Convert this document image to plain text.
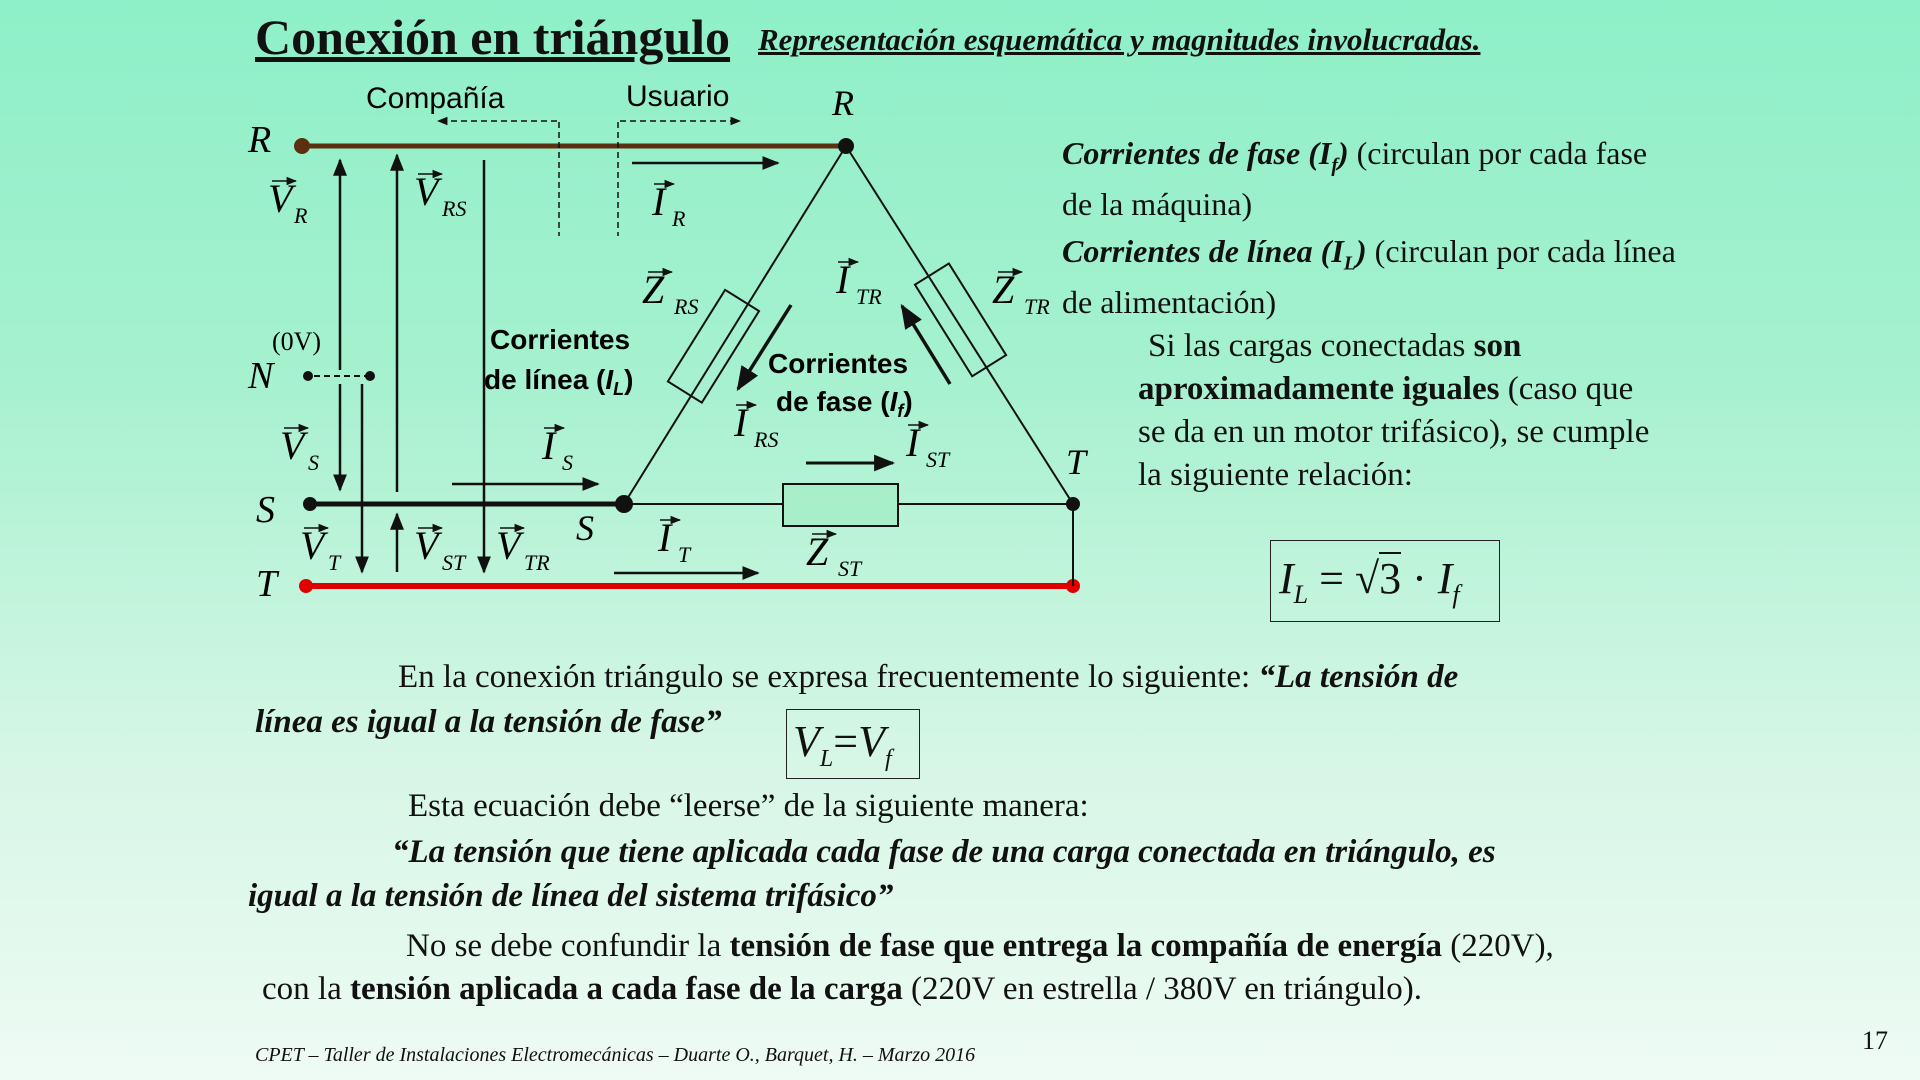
Conexión en triángulo Representación esquemática y magnitudes involucradas.
R
(0V)
N
S
T
R
S
T
Compañía	Usuario
V R
V RS
V S
V T V ST V TR
I R
I S
I T
I TR
I RS	I ST
Z RS	Z TR
Z ST
Corrientes
de línea $(I_L)$
Corrientes
de fase $(I_f)$
Corrientes de fase $(I_f)$ (circulan por cada fase de la máquina)
Corrientes de línea $(I_L)$ (circulan por cada línea de alimentación)
Si las cargas conectadas son aproximadamente iguales (caso que se da en un motor trifásico), se cumple la siguiente relación:
$I_L = √3 \cdot I_f$
En la conexión triángulo se expresa frecuentemente lo siguiente: “La tensión de
línea es igual a la tensión de fase” $V_L=V_f$
Esta ecuación debe “leerse” de la siguiente manera:
“La tensión que tiene aplicada cada fase de una carga conectada en triángulo, es
igual a la tensión de línea del sistema trifásico”
No se debe confundir la tensión de fase que entrega la compañía de energía (220V),
con la tensión aplicada a cada fase de la carga (220V en estrella / 380V en triángulo).
CPET – Taller de Instalaciones Electromecánicas – Duarte O., Barquet, H. – Marzo 2016	17
